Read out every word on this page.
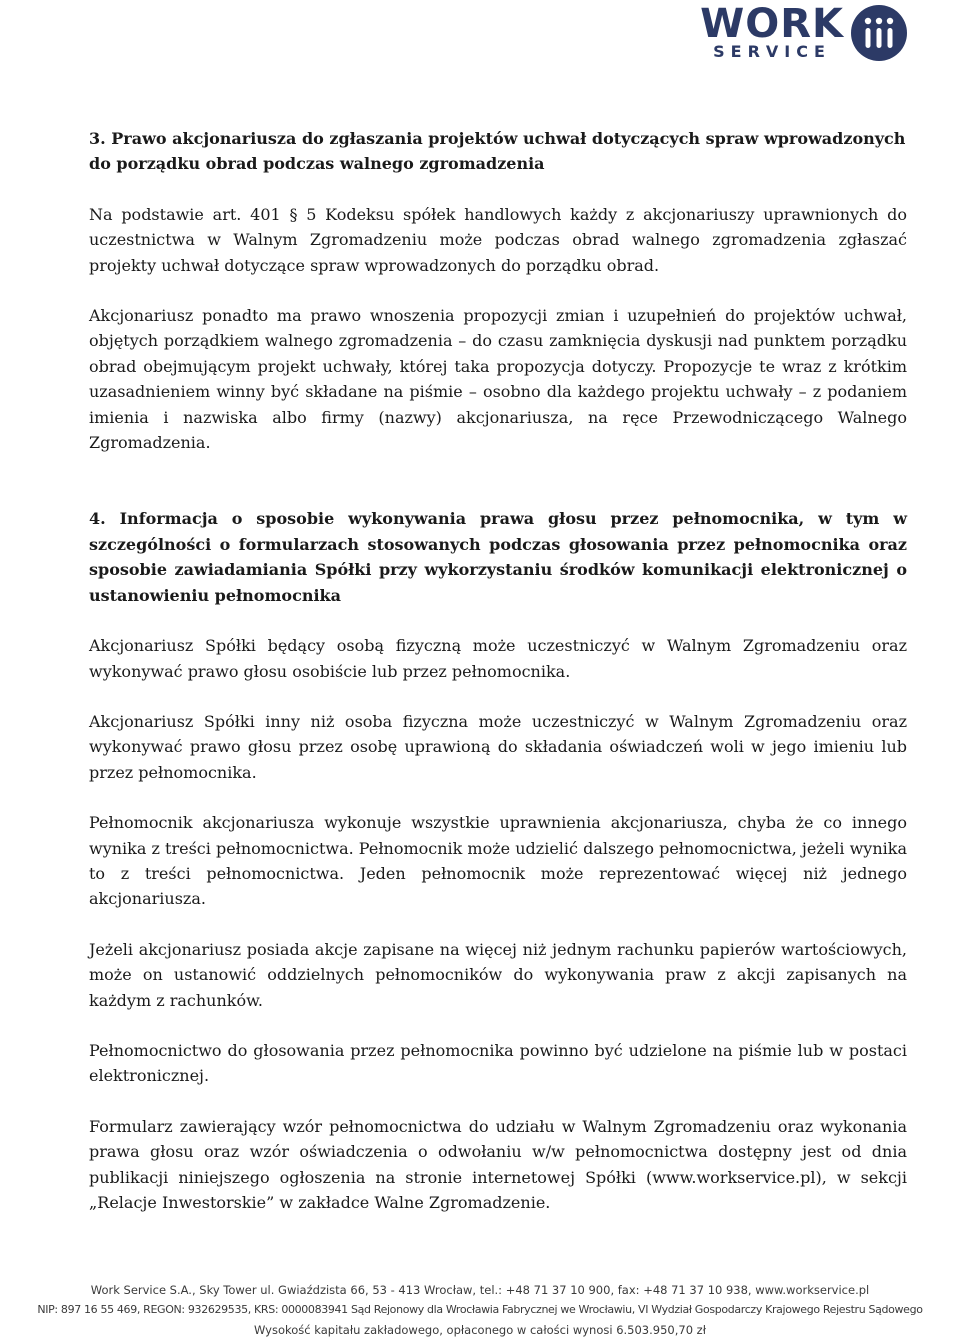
WORK
SERVICE
3. Prawo akcjonariusza do zgłaszania projektów uchwał dotyczących spraw wprowadzonych do porządku obrad podczas walnego zgromadzenia

Na podstawie art. 401 § 5 Kodeksu spółek handlowych każdy z akcjonariuszy uprawnionych do uczestnictwa w Walnym Zgromadzeniu może podczas obrad walnego zgromadzenia zgłaszać projekty uchwał dotyczące spraw wprowadzonych do porządku obrad.

Akcjonariusz ponadto ma prawo wnoszenia propozycji zmian i uzupełnień do projektów uchwał, objętych porządkiem walnego zgromadzenia – do czasu zamknięcia dyskusji nad punktem porządku obrad obejmującym projekt uchwały, której taka propozycja dotyczy. Propozycje te wraz z krótkim uzasadnieniem winny być składane na piśmie – osobno dla każdego projektu uchwały – z podaniem imienia i nazwiska albo firmy (nazwy) akcjonariusza, na ręce Przewodniczącego Walnego Zgromadzenia.

4. Informacja o sposobie wykonywania prawa głosu przez pełnomocnika, w tym w szczególności o formularzach stosowanych podczas głosowania przez pełnomocnika oraz sposobie zawiadamiania Spółki przy wykorzystaniu środków komunikacji elektronicznej o ustanowieniu pełnomocnika

Akcjonariusz Spółki będący osobą fizyczną może uczestniczyć w Walnym Zgromadzeniu oraz wykonywać prawo głosu osobiście lub przez pełnomocnika.

Akcjonariusz Spółki inny niż osoba fizyczna może uczestniczyć w Walnym Zgromadzeniu oraz wykonywać prawo głosu przez osobę uprawioną do składania oświadczeń woli w jego imieniu lub przez pełnomocnika.

Pełnomocnik akcjonariusza wykonuje wszystkie uprawnienia akcjonariusza, chyba że co innego wynika z treści pełnomocnictwa. Pełnomocnik może udzielić dalszego pełnomocnictwa, jeżeli wynika to z treści pełnomocnictwa. Jeden pełnomocnik może reprezentować więcej niż jednego akcjonariusza.

Jeżeli akcjonariusz posiada akcje zapisane na więcej niż jednym rachunku papierów wartościowych, może on ustanowić oddzielnych pełnomocników do wykonywania praw z akcji zapisanych na każdym z rachunków.

Pełnomocnictwo do głosowania przez pełnomocnika powinno być udzielone na piśmie lub w postaci elektronicznej.

Formularz zawierający wzór pełnomocnictwa do udziału w Walnym Zgromadzeniu oraz wykonania prawa głosu oraz wzór oświadczenia o odwołaniu w/w pełnomocnictwa dostępny jest od dnia publikacji niniejszego ogłoszenia na stronie internetowej Spółki (www.workservice.pl), w sekcji „Relacje Inwestorskie” w zakładce Walne Zgromadzenie.

Work Service S.A., Sky Tower ul. Gwiaździsta 66, 53 - 413 Wrocław, tel.: +48 71 37 10 900, fax: +48 71 37 10 938, www.workservice.pl
NIP: 897 16 55 469, REGON: 932629535, KRS: 0000083941 Sąd Rejonowy dla Wrocławia Fabrycznej we Wrocławiu, VI Wydział Gospodarczy Krajowego Rejestru Sądowego
Wysokość kapitału zakładowego, opłaconego w całości wynosi 6.503.950,70 zł
